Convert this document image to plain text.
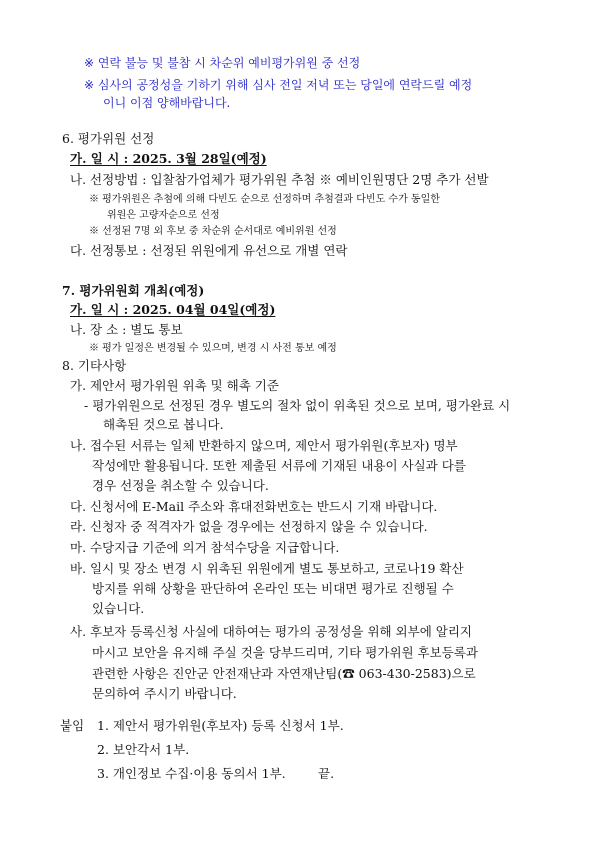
※ 연락 불능 및 불참 시 차순위 예비평가위원 중 선정
※ 심사의 공정성을 기하기 위해 심사 전일 저녁 또는 당일에 연락드릴 예정
이니 이점 양해바랍니다.
6. 평가위원 선정
가. 일 시 : 2025. 3월 28일(예정)
나. 선정방법 : 입찰참가업체가 평가위원 추첨 ※ 예비인원명단 2명 추가 선발
※ 평가위원은 추첨에 의해 다빈도 순으로 선정하며 추첨결과 다빈도 수가 동일한
위원은 고량자순으로 선정
※ 선정된 7명 외 후보 중 차순위 순서대로 예비위원 선정
다. 선정통보 : 선정된 위원에게 유선으로 개별 연락
7. 평가위원회 개최(예정)
가. 일 시 : 2025. 04월 04일(예정)
나. 장 소 : 별도 통보
※ 평가 일정은 변경될 수 있으며, 변경 시 사전 통보 예정
8. 기타사항
가. 제안서 평가위원 위촉 및 해촉 기준
- 평가위원으로 선정된 경우 별도의 절차 없이 위촉된 것으로 보며, 평가완료 시
해촉된 것으로 봅니다.
나. 접수된 서류는 일체 반환하지 않으며, 제안서 평가위원(후보자) 명부
작성에만 활용됩니다. 또한 제출된 서류에 기재된 내용이 사실과 다를
경우 선정을 취소할 수 있습니다.
다. 신청서에 E-Mail 주소와 휴대전화번호는 반드시 기재 바랍니다.
라. 신청자 중 적격자가 없을 경우에는 선정하지 않을 수 있습니다.
마. 수당지급 기준에 의거 참석수당을 지급합니다.
바. 일시 및 장소 변경 시 위촉된 위원에게 별도 통보하고, 코로나19 확산
방지를 위해 상황을 판단하여 온라인 또는 비대면 평가로 진행될 수
있습니다.
사. 후보자 등록신청 사실에 대하여는 평가의 공정성을 위해 외부에 알리지
마시고 보안을 유지해 주실 것을 당부드리며, 기타 평가위원 후보등록과
관련한 사항은 진안군 안전재난과 자연재난팀(☎ 063-430-2583)으로
문의하여 주시기 바랍니다.
붙임 1. 제안서 평가위원(후보자) 등록 신청서 1부.
2. 보안각서 1부.
3. 개인정보 수집·이용 동의서 1부.	끝.
